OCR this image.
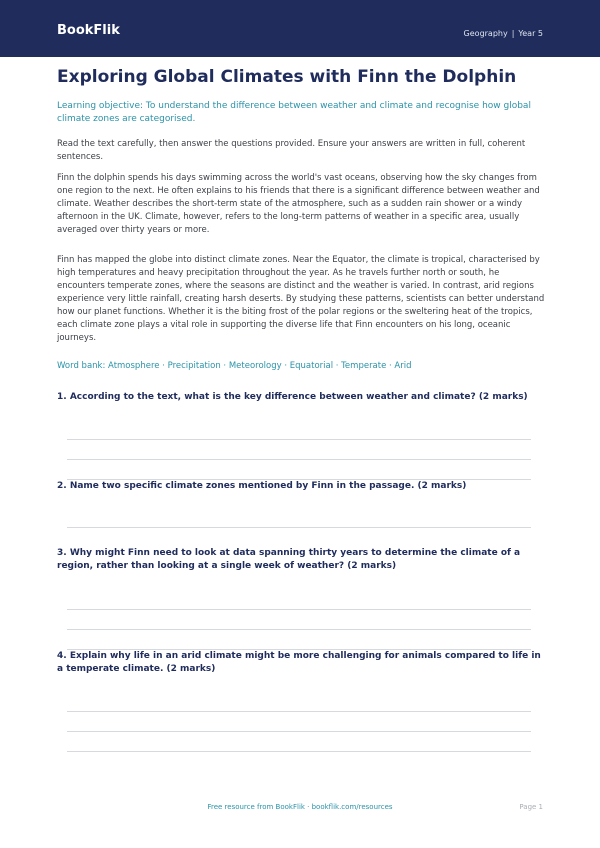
BookFlik	Geography | Year 5
Exploring Global Climates with Finn the Dolphin
Learning objective: To understand the difference between weather and climate and recognise how global climate zones are categorised.
Read the text carefully, then answer the questions provided. Ensure your answers are written in full, coherent sentences.
Finn the dolphin spends his days swimming across the world's vast oceans, observing how the sky changes from one region to the next. He often explains to his friends that there is a significant difference between weather and climate. Weather describes the short-term state of the atmosphere, such as a sudden rain shower or a windy afternoon in the UK. Climate, however, refers to the long-term patterns of weather in a specific area, usually averaged over thirty years or more.
Finn has mapped the globe into distinct climate zones. Near the Equator, the climate is tropical, characterised by high temperatures and heavy precipitation throughout the year. As he travels further north or south, he encounters temperate zones, where the seasons are distinct and the weather is varied. In contrast, arid regions experience very little rainfall, creating harsh deserts. By studying these patterns, scientists can better understand how our planet functions. Whether it is the biting frost of the polar regions or the sweltering heat of the tropics, each climate zone plays a vital role in supporting the diverse life that Finn encounters on his long, oceanic journeys.
Word bank: Atmosphere · Precipitation · Meteorology · Equatorial · Temperate · Arid
1. According to the text, what is the key difference between weather and climate? (2 marks)
2. Name two specific climate zones mentioned by Finn in the passage. (2 marks)
3. Why might Finn need to look at data spanning thirty years to determine the climate of a region, rather than looking at a single week of weather? (2 marks)
4. Explain why life in an arid climate might be more challenging for animals compared to life in a temperate climate. (2 marks)
Free resource from BookFlik · bookflik.com/resources	Page 1
